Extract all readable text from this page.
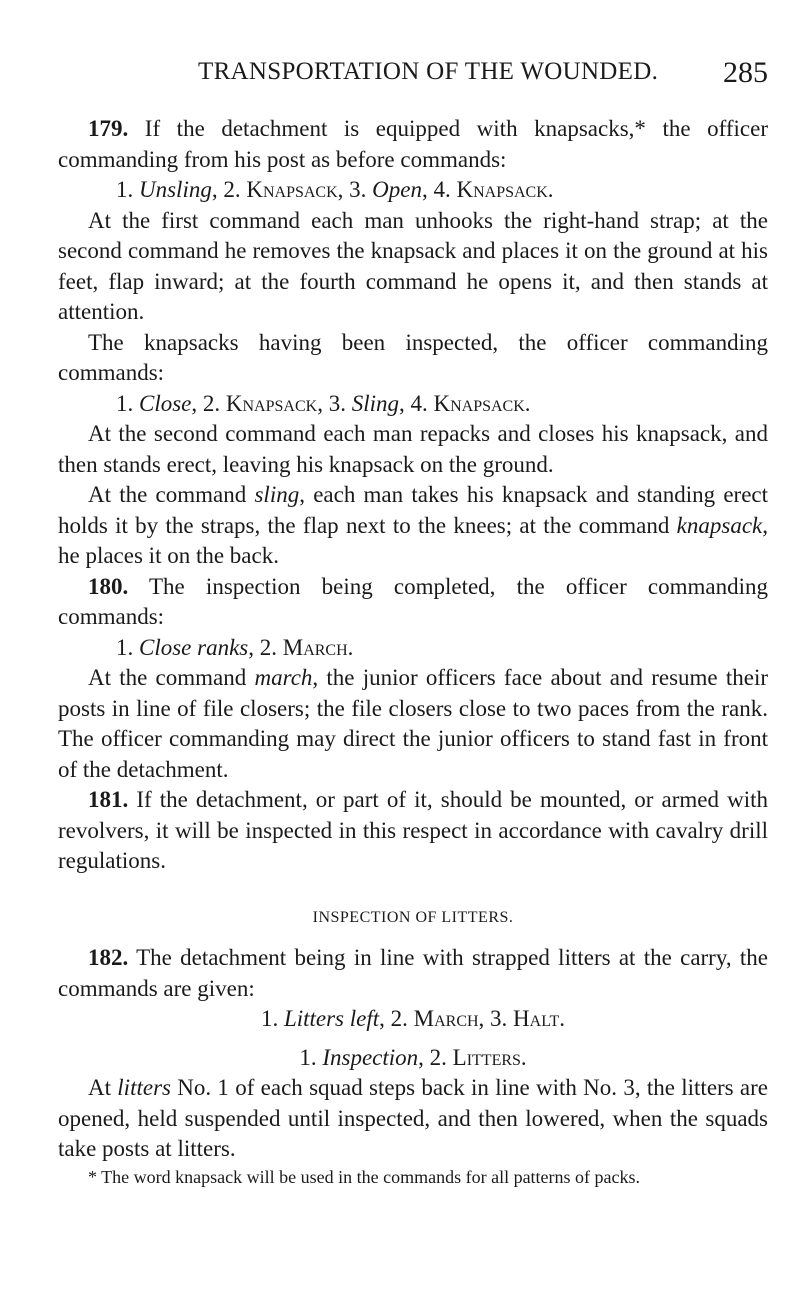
TRANSPORTATION OF THE WOUNDED. 285

179. If the detachment is equipped with knapsacks,* the officer commanding from his post as before commands:

1. Unsling, 2. Knapsack, 3. Open, 4. Knapsack.

At the first command each man unhooks the right-hand strap; at the second command he removes the knapsack and places it on the ground at his feet, flap inward; at the fourth command he opens it, and then stands at attention.

The knapsacks having been inspected, the officer commanding commands:

1. Close, 2. Knapsack, 3. Sling, 4. Knapsack.

At the second command each man repacks and closes his knapsack, and then stands erect, leaving his knapsack on the ground.

At the command sling, each man takes his knapsack and standing erect holds it by the straps, the flap next to the knees; at the command knapsack, he places it on the back.

180. The inspection being completed, the officer commanding commands:

1. Close ranks, 2. March.

At the command march, the junior officers face about and resume their posts in line of file closers; the file closers close to two paces from the rank. The officer commanding may direct the junior officers to stand fast in front of the detachment.

181. If the detachment, or part of it, should be mounted, or armed with revolvers, it will be inspected in this respect in accordance with cavalry drill regulations.

INSPECTION OF LITTERS.

182. The detachment being in line with strapped litters at the carry, the commands are given:

1. Litters left, 2. March, 3. Halt.

1. Inspection, 2. Litters.

At litters No. 1 of each squad steps back in line with No. 3, the litters are opened, held suspended until inspected, and then lowered, when the squads take posts at litters.

* The word knapsack will be used in the commands for all patterns of packs.
